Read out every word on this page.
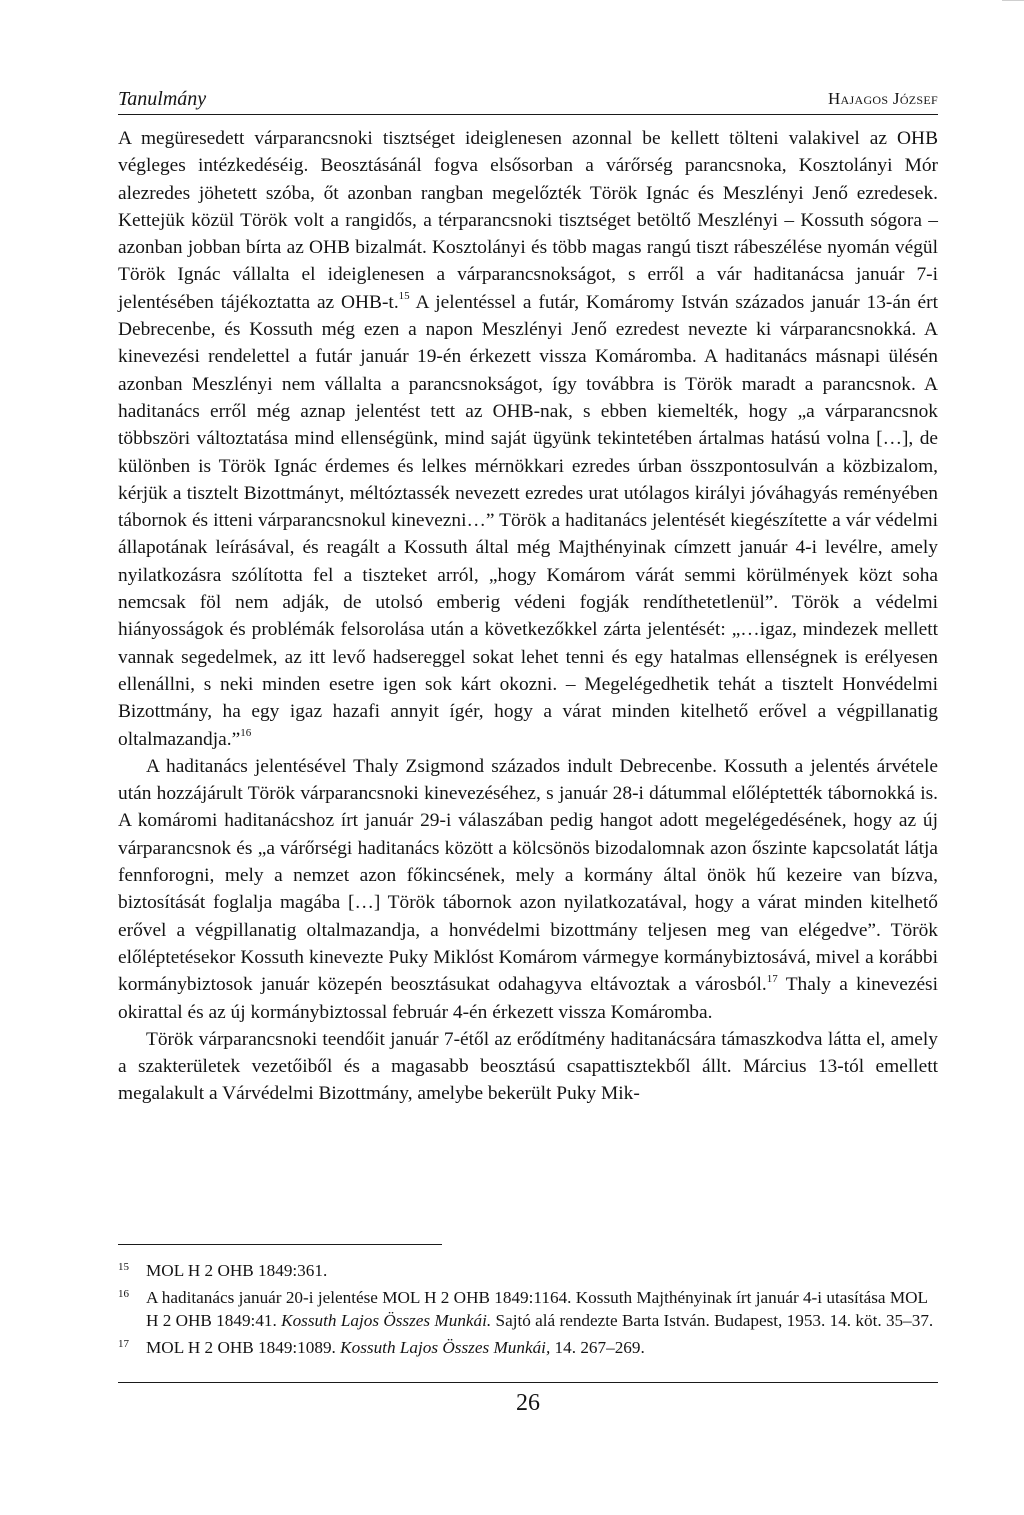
Tanulmány	Hajagos József

A megüresedett várparancsnoki tisztséget ideiglenesen azonnal be kellett tölteni valakivel az OHB végleges intézkedéséig. Beosztásánál fogva elsősorban a várőrség parancsnoka, Kosztolányi Mór alezredes jöhetett szóba, őt azonban rangban megelőzték Török Ignác és Meszlényi Jenő ezredesek. Kettejük közül Török volt a rangidős, a térparancsnoki tisztséget betöltő Meszlényi – Kossuth sógora – azonban jobban bírta az OHB bizalmát. Kosztolányi és több magas rangú tiszt rábeszélése nyomán végül Török Ignác vállalta el ideiglenesen a várparancsnokságot, s erről a vár haditanácsa január 7-i jelentésében tájékoztatta az OHB-t.$^{15}$ A jelentéssel a futár, Komáromy István százados január 13-án ért Debrecenbe, és Kossuth még ezen a napon Meszlényi Jenő ezredest nevezte ki várparancsnokká. A kinevezési rendelettel a futár január 19-én érkezett vissza Komáromba. A haditanács másnapi ülésén azonban Meszlényi nem vállalta a parancsnokságot, így továbbra is Török maradt a parancsnok. A haditanács erről még aznap jelentést tett az OHB-nak, s ebben kiemelték, hogy „a várparancsnok többszöri változtatása mind ellenségünk, mind saját ügyünk tekintetében ártalmas hatású volna […], de különben is Török Ignác érdemes és lelkes mérnökkari ezredes úrban összpontosulván a közbizalom, kérjük a tisztelt Bizottmányt, méltóztassék nevezett ezredes urat utólagos királyi jóváhagyás reményében tábornok és itteni várparancsnokul kinevezni…” Török a haditanács jelentését kiegészítette a vár védelmi állapotának leírásával, és reagált a Kossuth által még Majthényinak címzett január 4-i levélre, amely nyilatkozásra szólította fel a tiszteket arról, „hogy Komárom várát semmi körülmények közt soha nemcsak föl nem adják, de utolsó emberig védeni fogják rendíthetetlenül”. Török a védelmi hiányosságok és problémák felsorolása után a következőkkel zárta jelentését: „…igaz, mindezek mellett vannak segedelmek, az itt levő hadsereggel sokat lehet tenni és egy hatalmas ellenségnek is erélyesen ellenállni, s neki minden esetre igen sok kárt okozni. – Megelégedhetik tehát a tisztelt Honvédelmi Bizottmány, ha egy igaz hazafi annyit ígér, hogy a várat minden kitelhető erővel a végpillanatig oltalmazandja.”$^{16}$

A haditanács jelentésével Thaly Zsigmond százados indult Debrecenbe. Kossuth a jelentés árvétele után hozzájárult Török várparancsnoki kinevezéséhez, s január 28-i dátummal előléptették tábornokká is. A komáromi haditanácshoz írt január 29-i válaszában pedig hangot adott megelégedésének, hogy az új várparancsnok és „a várőrségi haditanács között a kölcsönös bizodalomnak azon őszinte kapcsolatát látja fennforogni, mely a nemzet azon főkincsének, mely a kormány által önök hű kezeire van bízva, biztosítását foglalja magába […] Török tábornok azon nyilatkozatával, hogy a várat minden kitelhető erővel a végpillanatig oltalmazandja, a honvédelmi bizottmány teljesen meg van elégedve”. Török előléptetésekor Kossuth kinevezte Puky Miklóst Komárom vármegye kormánybiztosává, mivel a korábbi kormánybiztosok január közepén beosztásukat odahagyva eltávoztak a városból.$^{17}$ Thaly a kinevezési okirattal és az új kormánybiztossal február 4-én érkezett vissza Komáromba.

Török várparancsnoki teendőit január 7-étől az erődítmény haditanácsára támaszkodva látta el, amely a szakterületek vezetőiből és a magasabb beosztású csapattisztekből állt. Március 13-tól emellett megalakult a Várvédelmi Bizottmány, amelybe bekerült Puky Mik-

15 MOL H 2 OHB 1849:361.
16 A haditanács január 20-i jelentése MOL H 2 OHB 1849:1164. Kossuth Majthényinak írt január 4-i utasítása MOL H 2 OHB 1849:41. Kossuth Lajos Összes Munkái. Sajtó alá rendezte Barta István. Budapest, 1953. 14. köt. 35–37.
17 MOL H 2 OHB 1849:1089. Kossuth Lajos Összes Munkái, 14. 267–269.
26
